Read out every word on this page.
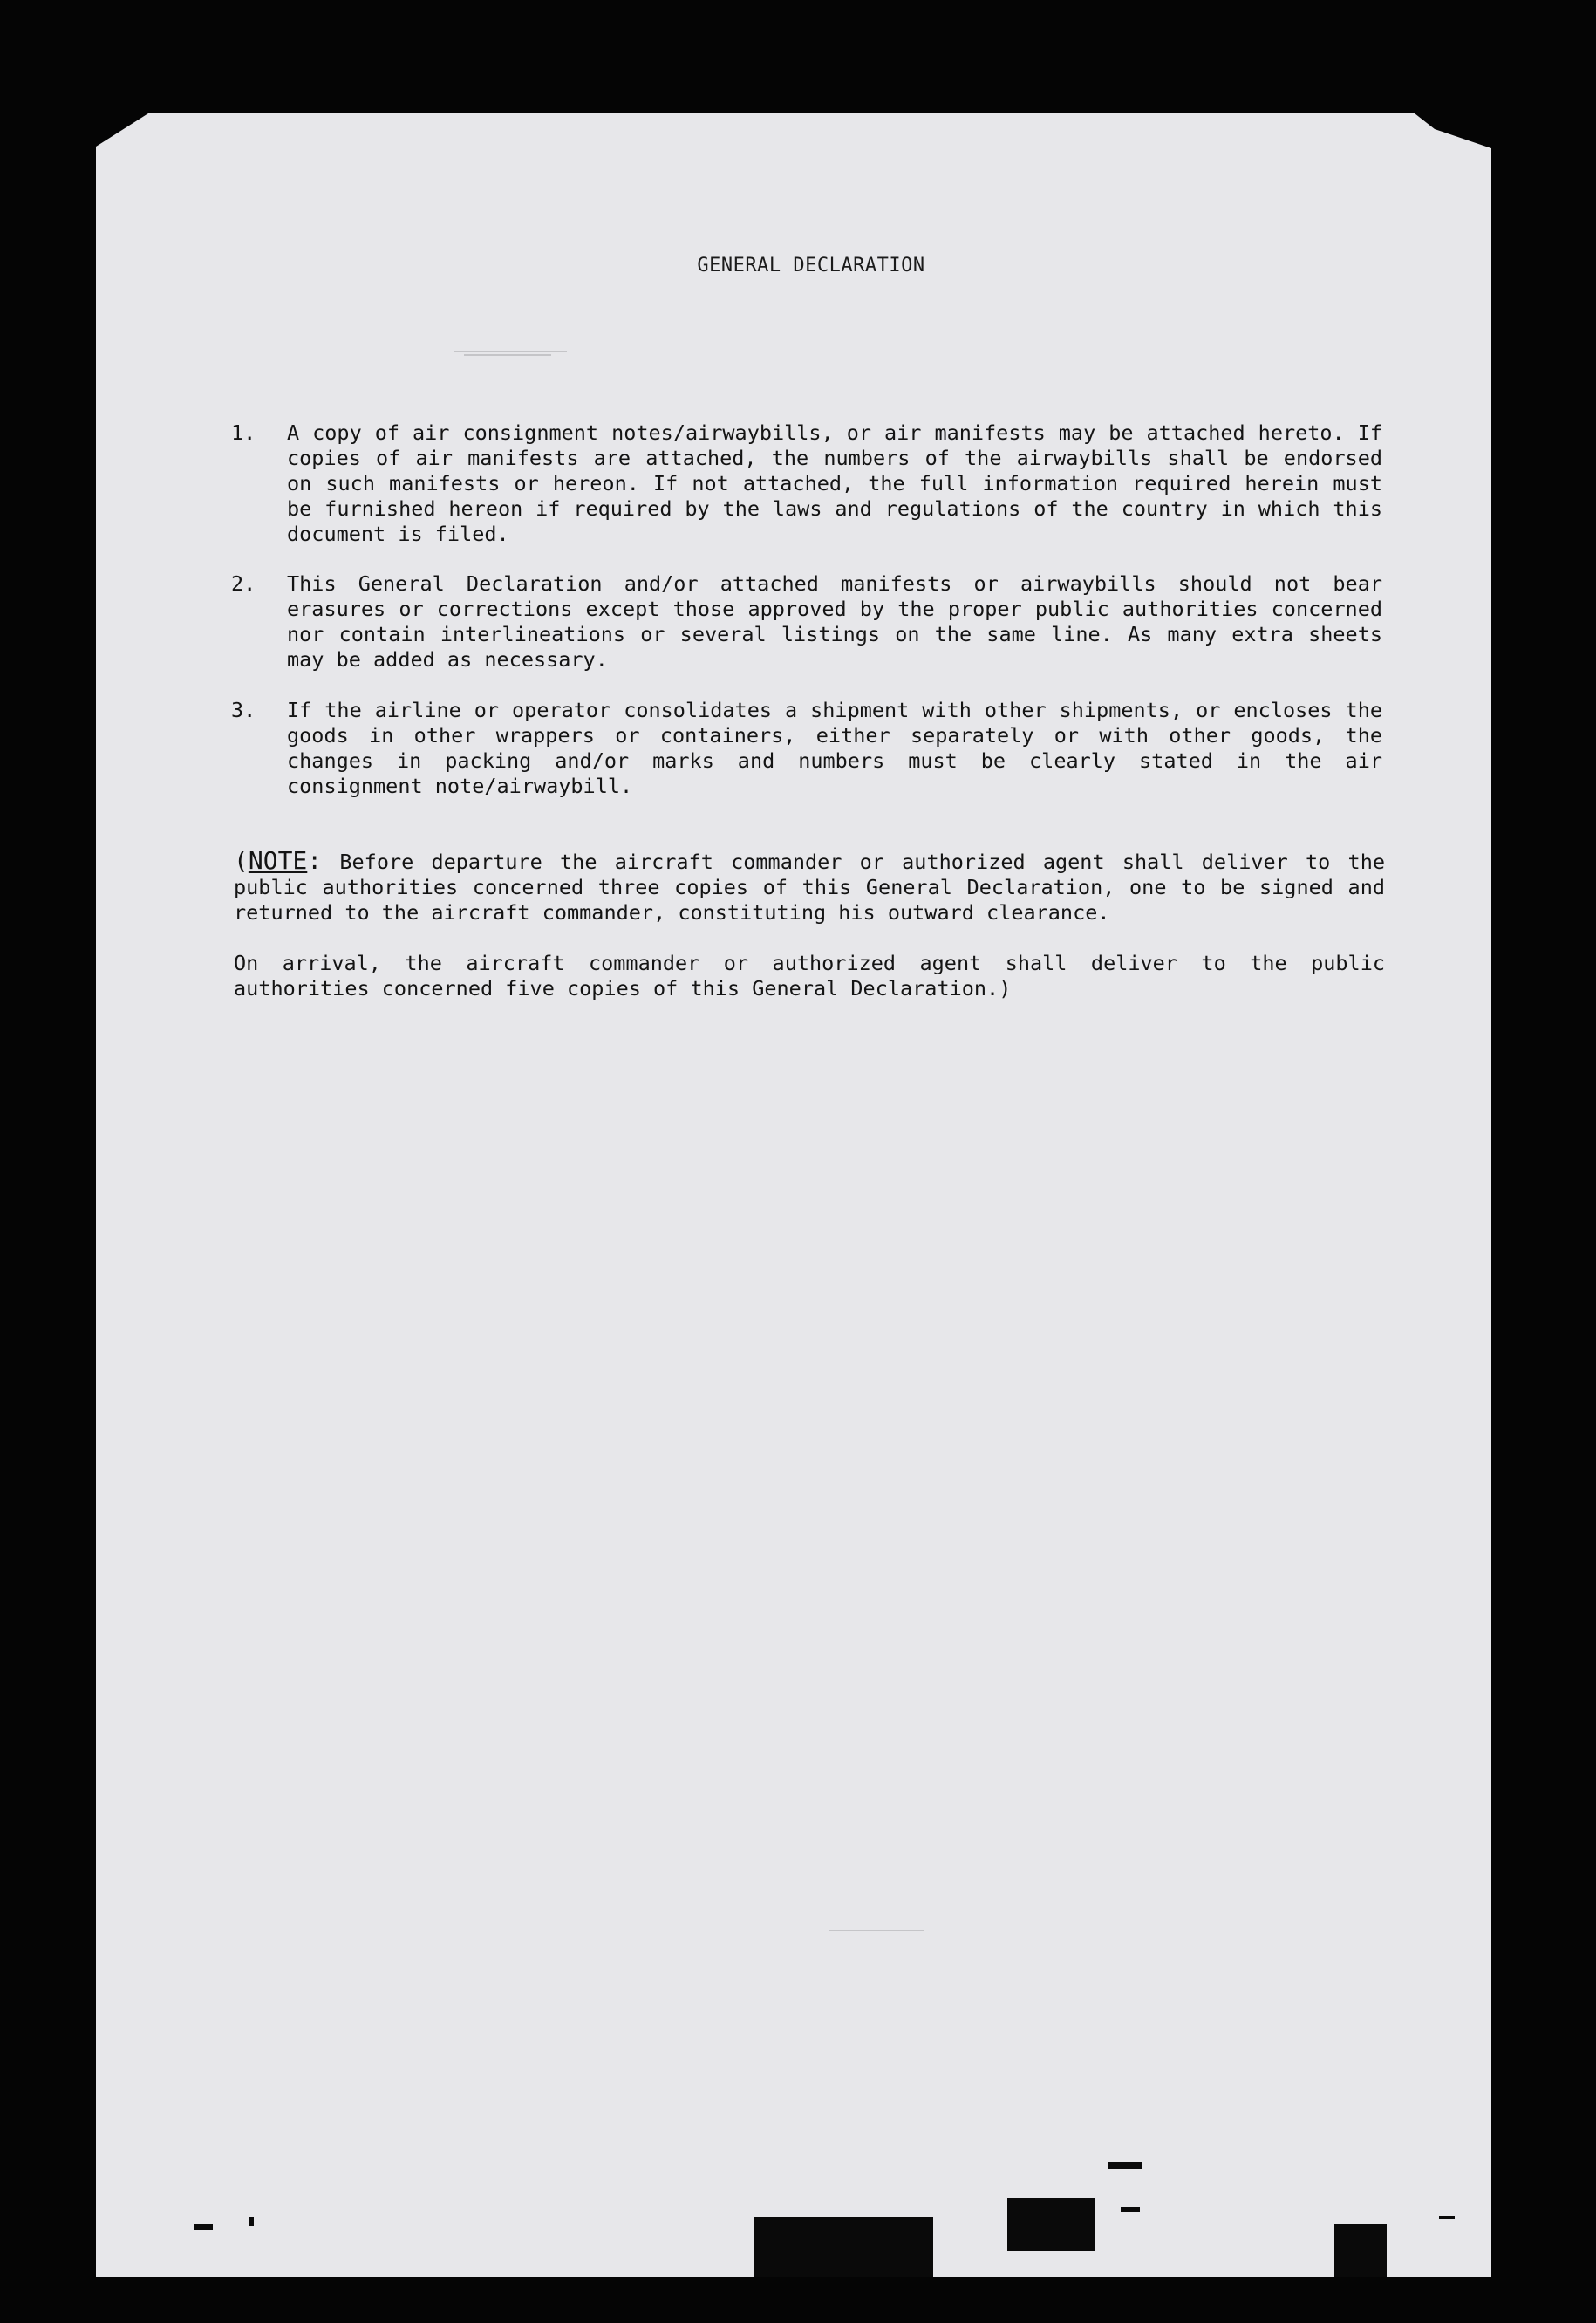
GENERAL DECLARATION
1. A copy of air consignment notes/airwaybills, or air manifests may be attached hereto. If copies of air manifests are attached, the numbers of the airwaybills shall be endorsed on such manifests or hereon. If not attached, the full information required herein must be furnished hereon if required by the laws and regulations of the country in which this document is filed.
2. This General Declaration and/or attached manifests or airwaybills should not bear erasures or corrections except those approved by the proper public authorities concerned nor contain interlineations or several listings on the same line. As many extra sheets may be added as necessary.
3. If the airline or operator consolidates a shipment with other shipments, or encloses the goods in other wrappers or containers, either separately or with other goods, the changes in packing and/or marks and numbers must be clearly stated in the air consignment note/airwaybill.
(NOTE: Before departure the aircraft commander or authorized agent shall deliver to the public authorities concerned three copies of this General Declaration, one to be signed and returned to the aircraft commander, constituting his outward clearance.
On arrival, the aircraft commander or authorized agent shall deliver to the public authorities concerned five copies of this General Declaration.)
